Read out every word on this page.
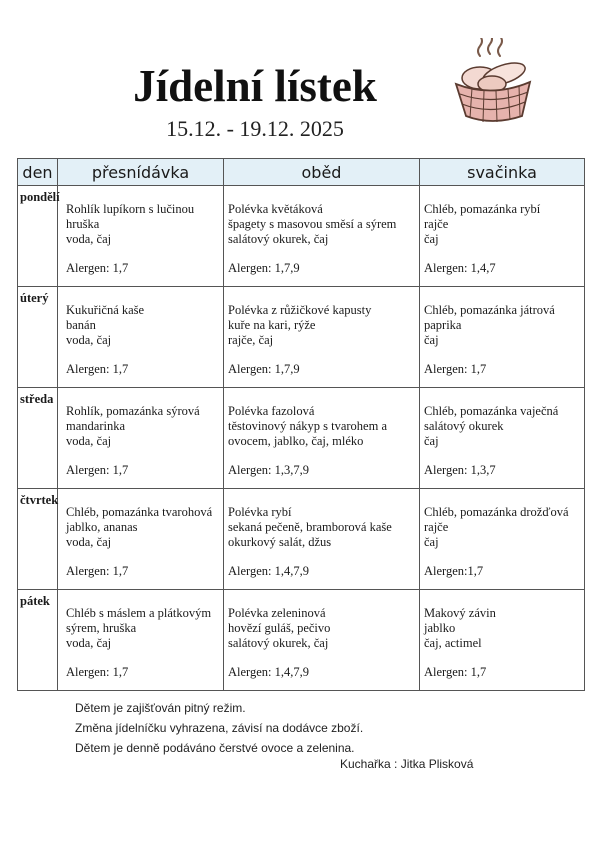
Jídelní lístek
15.12. - 19.12. 2025
den	přesnídávka	oběd	svačinka
pondělí	Rohlík lupíkorn s lučinou
hruška
voda, čaj
Alergen: 1,7	Polévka květáková
špagety s masovou směsí a sýrem
salátový okurek, čaj
Alergen: 1,7,9	Chléb, pomazánka rybí
rajče
čaj
Alergen: 1,4,7

úterý	Kukuřičná kaše
banán
voda, čaj
Alergen: 1,7	Polévka z růžičkové kapusty
kuře na kari, rýže
rajče, čaj
Alergen: 1,7,9	Chléb, pomazánka játrová
paprika
čaj
Alergen: 1,7

středa	Rohlík, pomazánka sýrová
mandarinka
voda, čaj
Alergen: 1,7	Polévka fazolová
těstovinový nákyp s tvarohem a
ovocem, jablko, čaj, mléko
Alergen: 1,3,7,9	Chléb, pomazánka vaječná
salátový okurek
čaj
Alergen: 1,3,7

čtvrtek	Chléb, pomazánka tvarohová
jablko, ananas
voda, čaj
Alergen: 1,7	Polévka rybí
sekaná pečeně, bramborová kaše
okurkový salát, džus
Alergen: 1,4,7,9	Chléb, pomazánka drožďová
rajče
čaj
Alergen:1,7

pátek	Chléb s máslem a plátkovým
sýrem, hruška
voda, čaj
Alergen: 1,7	Polévka zeleninová
hovězí guláš, pečivo
salátový okurek, čaj
Alergen: 1,4,7,9	Makový závin
jablko
čaj, actimel
Alergen: 1,7
Dětem je zajišťován pitný režim.
Změna jídelníčku vyhrazena, závisí na dodávce zboží.
Dětem je denně podáváno čerstvé ovoce a zelenina.
Kuchařka : Jitka Plisková
